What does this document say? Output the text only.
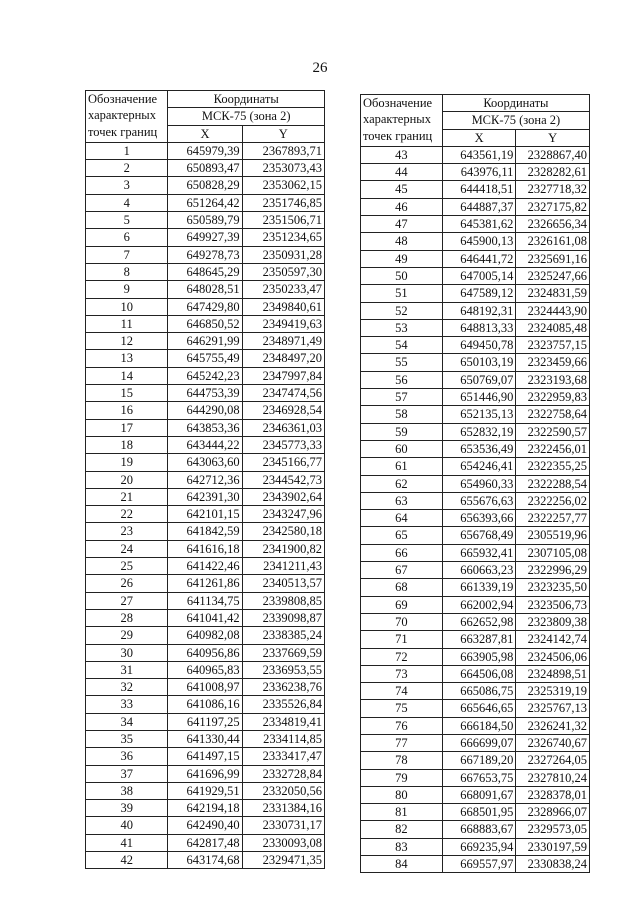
26
Обозначение
характерных
точек границ	Координаты	
	МСК-75 (зона 2)	
	X	Y
1	645979,39	2367893,71
2	650893,47	2353073,43
3	650828,29	2353062,15
4	651264,42	2351746,85
5	650589,79	2351506,71
6	649927,39	2351234,65
7	649278,73	2350931,28
8	648645,29	2350597,30
9	648028,51	2350233,47
10	647429,80	2349840,61
11	646850,52	2349419,63
12	646291,99	2348971,49
13	645755,49	2348497,20
14	645242,23	2347997,84
15	644753,39	2347474,56
16	644290,08	2346928,54
17	643853,36	2346361,03
18	643444,22	2345773,33
19	643063,60	2345166,77
20	642712,36	2344542,73
21	642391,30	2343902,64
22	642101,15	2343247,96
23	641842,59	2342580,18
24	641616,18	2341900,82
25	641422,46	2341211,43
26	641261,86	2340513,57
27	641134,75	2339808,85
28	641041,42	2339098,87
29	640982,08	2338385,24
30	640956,86	2337669,59
31	640965,83	2336953,55
32	641008,97	2336238,76
33	641086,16	2335526,84
34	641197,25	2334819,41
35	641330,44	2334114,85
36	641497,15	2333417,47
37	641696,99	2332728,84
38	641929,51	2332050,56
39	642194,18	2331384,16
40	642490,40	2330731,17
41	642817,48	2330093,08
42	643174,68	2329471,35
Обозначение
характерных
точек границ	Координаты	
	МСК-75 (зона 2)	
	X	Y
43	643561,19	2328867,40
44	643976,11	2328282,61
45	644418,51	2327718,32
46	644887,37	2327175,82
47	645381,62	2326656,34
48	645900,13	2326161,08
49	646441,72	2325691,16
50	647005,14	2325247,66
51	647589,12	2324831,59
52	648192,31	2324443,90
53	648813,33	2324085,48
54	649450,78	2323757,15
55	650103,19	2323459,66
56	650769,07	2323193,68
57	651446,90	2322959,83
58	652135,13	2322758,64
59	652832,19	2322590,57
60	653536,49	2322456,01
61	654246,41	2322355,25
62	654960,33	2322288,54
63	655676,63	2322256,02
64	656393,66	2322257,77
65	656768,49	2305519,96
66	665932,41	2307105,08
67	660663,23	2322996,29
68	661339,19	2323235,50
69	662002,94	2323506,73
70	662652,98	2323809,38
71	663287,81	2324142,74
72	663905,98	2324506,06
73	664506,08	2324898,51
74	665086,75	2325319,19
75	665646,65	2325767,13
76	666184,50	2326241,32
77	666699,07	2326740,67
78	667189,20	2327264,05
79	667653,75	2327810,24
80	668091,67	2328378,01
81	668501,95	2328966,07
82	668883,67	2329573,05
83	669235,94	2330197,59
84	669557,97	2330838,24
